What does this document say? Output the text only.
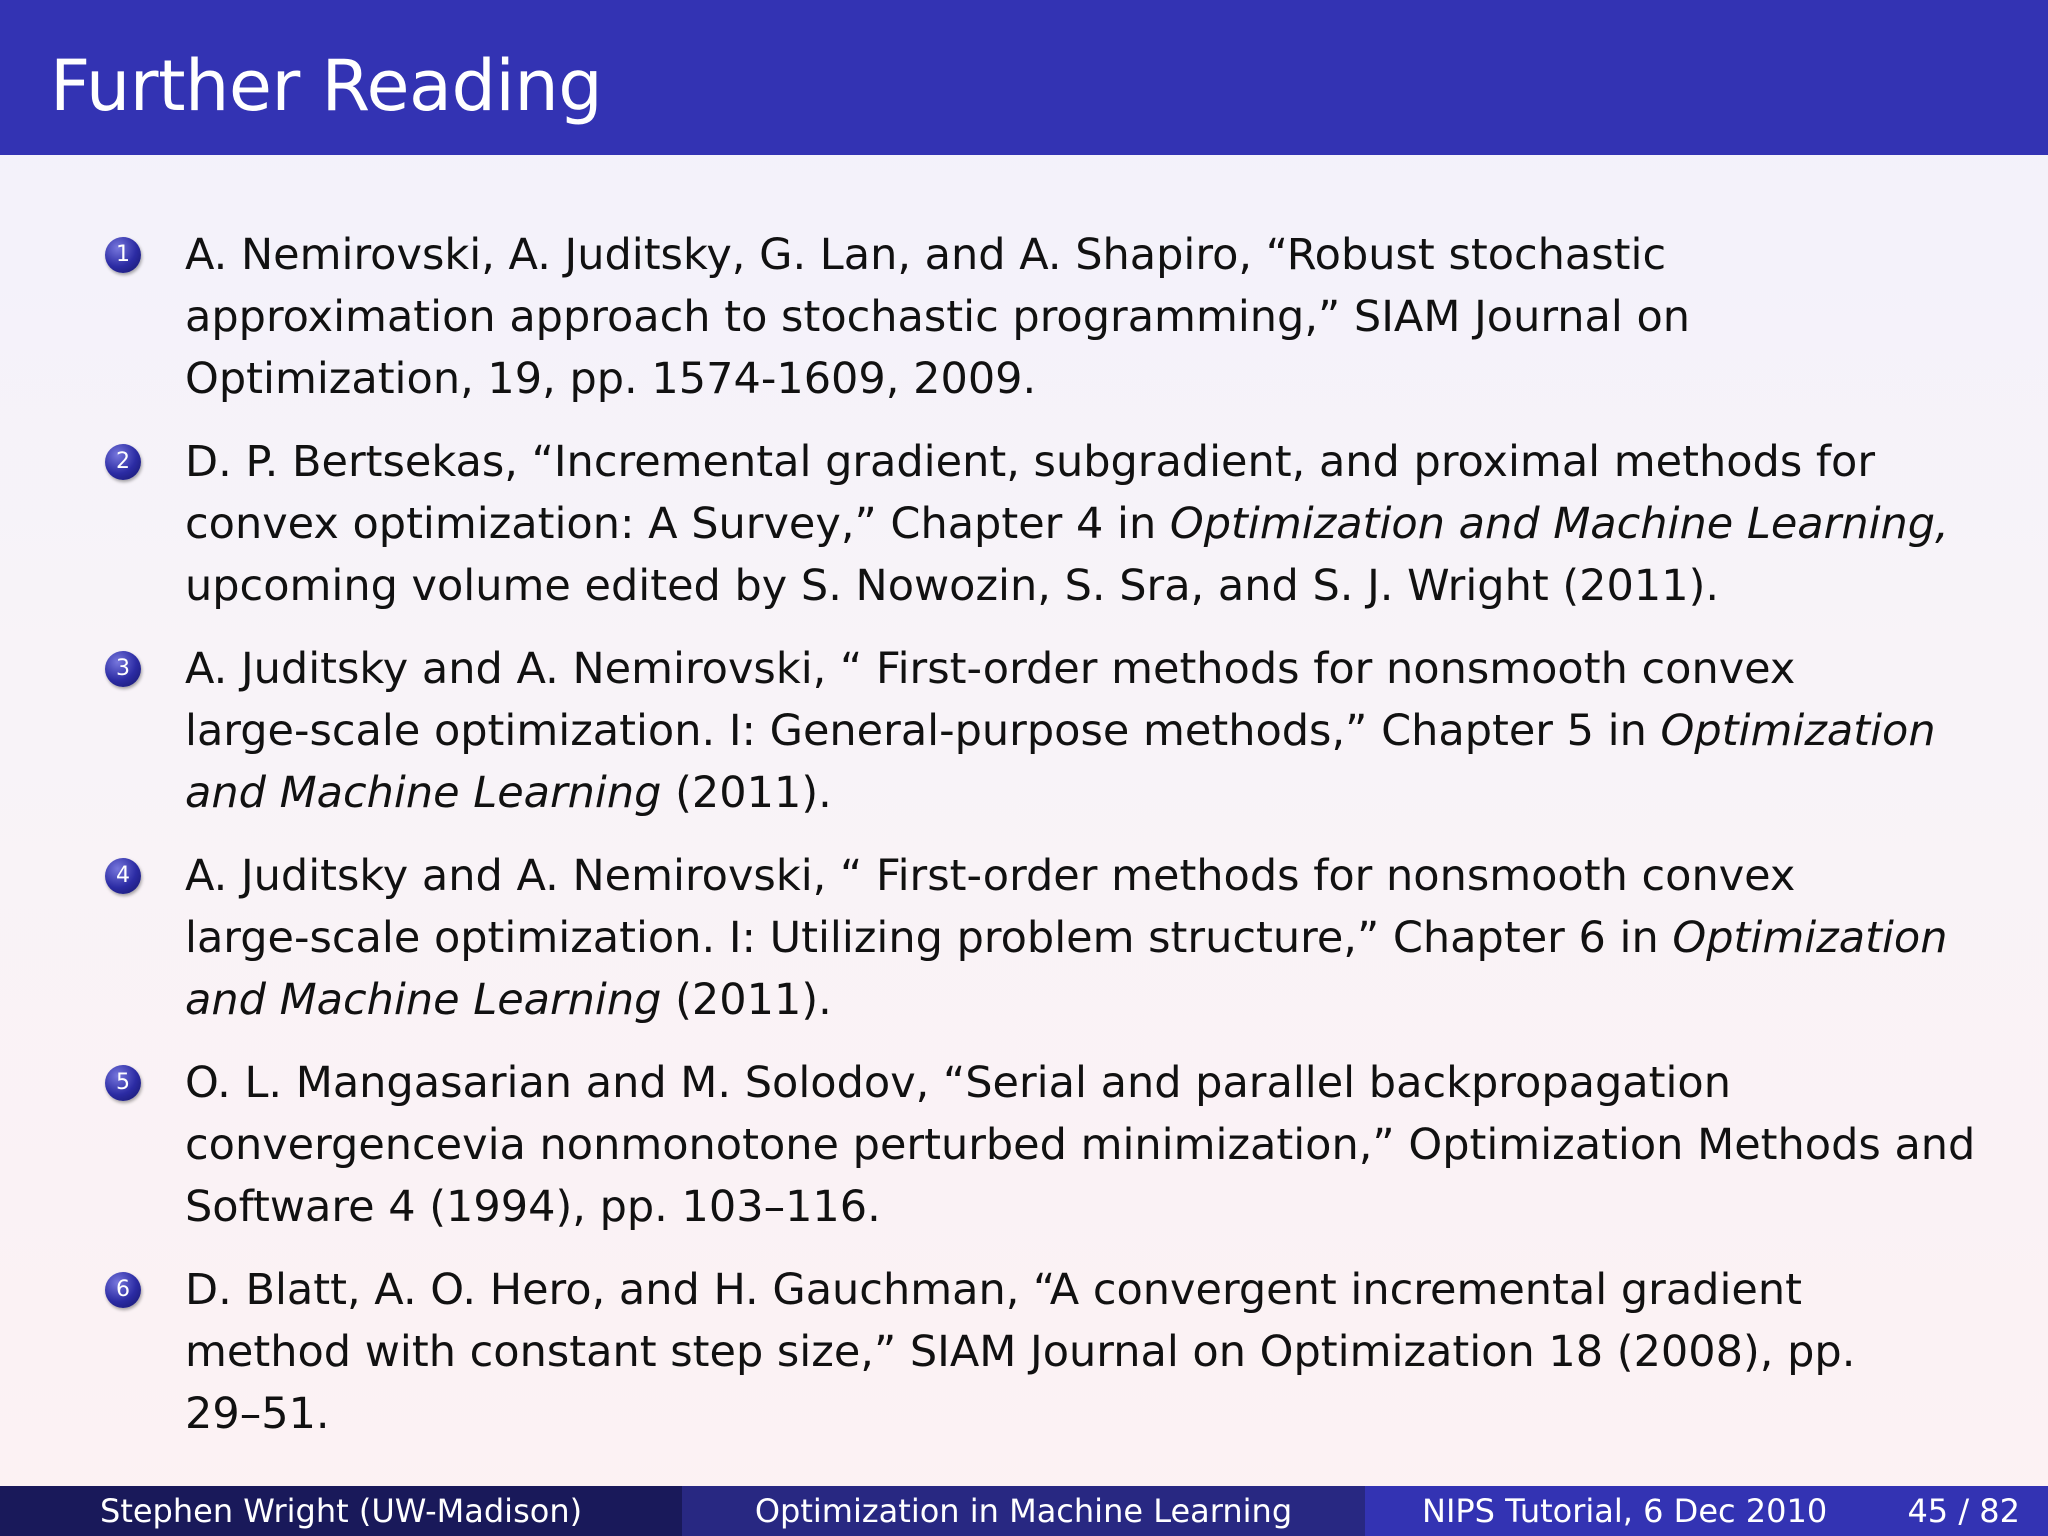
Further Reading
1 A. Nemirovski, A. Juditsky, G. Lan, and A. Shapiro, “Robust stochastic
approximation approach to stochastic programming,” SIAM Journal on
Optimization, 19, pp. 1574-1609, 2009.
2 D. P. Bertsekas, “Incremental gradient, subgradient, and proximal methods for
convex optimization: A Survey,” Chapter 4 in Optimization and Machine Learning,
upcoming volume edited by S. Nowozin, S. Sra, and S. J. Wright (2011).
3 A. Juditsky and A. Nemirovski, “ First-order methods for nonsmooth convex
large-scale optimization. I: General-purpose methods,” Chapter 5 in Optimization
and Machine Learning (2011).
4 A. Juditsky and A. Nemirovski, “ First-order methods for nonsmooth convex
large-scale optimization. I: Utilizing problem structure,” Chapter 6 in Optimization
and Machine Learning (2011).
5 O. L. Mangasarian and M. Solodov, “Serial and parallel backpropagation
convergencevia nonmonotone perturbed minimization,” Optimization Methods and
Software 4 (1994), pp. 103–116.
6 D. Blatt, A. O. Hero, and H. Gauchman, “A convergent incremental gradient
method with constant step size,” SIAM Journal on Optimization 18 (2008), pp.
29–51.
Stephen Wright (UW-Madison)	Optimization in Machine Learning	NIPS Tutorial, 6 Dec 2010	45 / 82
